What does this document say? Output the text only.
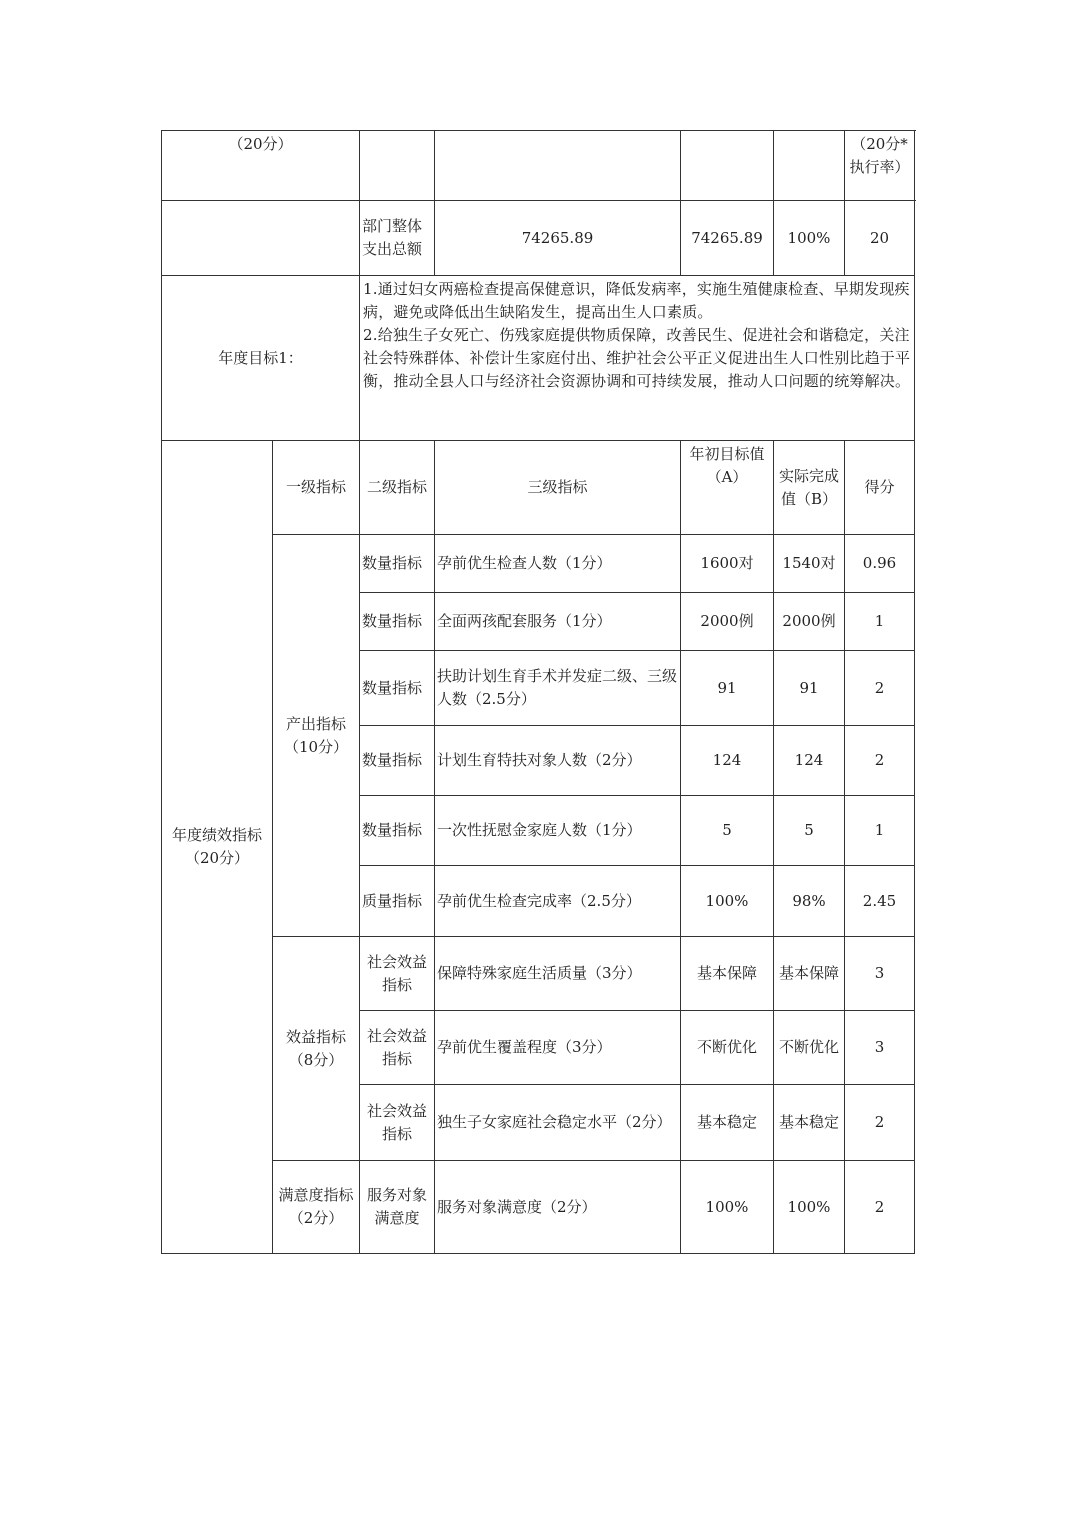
（20分）						（20分*执行率）
		部门整体支出总额	74265.89	74265.89	100%	20
年度目标1：		1.通过妇女两癌检查提高保健意识，降低发病率，实施生殖健康检查、早期发现疾病，避免或降低出生缺陷发生，提高出生人口素质。
2.给独生子女死亡、伤残家庭提供物质保障，改善民生、促进社会和谐稳定，关注社会特殊群体、补偿计生家庭付出、维护社会公平正义促进出生人口性别比趋于平衡，推动全县人口与经济社会资源协调和可持续发展，推动人口问题的统筹解决。				

年度绩效指标（20分）	一级指标	二级指标	三级指标	年初目标值（A）	实际完成值（B）	得分
	产出指标（10分）	数量指标	孕前优生检查人数（1分）	1600对	1540对	0.96
		数量指标	全面两孩配套服务（1分）	2000例	2000例	1
		数量指标	扶助计划生育手术并发症二级、三级人数（2.5分）	91	91	2
		数量指标	计划生育特扶对象人数（2分）	124	124	2
		数量指标	一次性抚慰金家庭人数（1分）	5	5	1
		质量指标	孕前优生检查完成率（2.5分）	100%	98%	2.45
	效益指标（8分）	社会效益指标	保障特殊家庭生活质量（3分）	基本保障	基本保障	3
		社会效益指标	孕前优生覆盖程度（3分）	不断优化	不断优化	3
		社会效益指标	独生子女家庭社会稳定水平（2分）	基本稳定	基本稳定	2
	满意度指标（2分）	服务对象满意度	服务对象满意度（2分）	100%	100%	2
